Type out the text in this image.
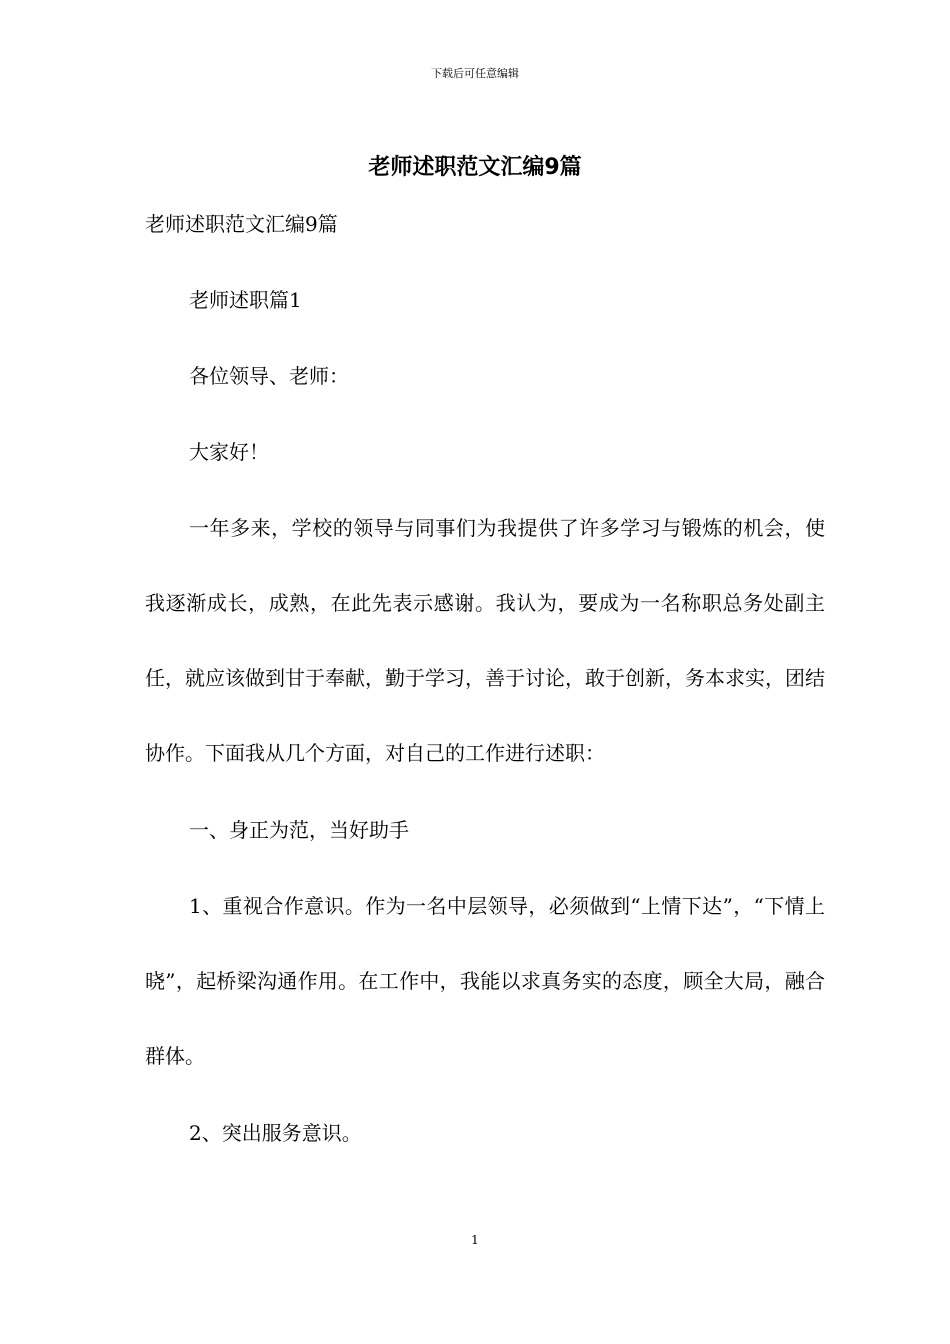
下载后可任意编辑
老师述职范文汇编9篇

老师述职范文汇编9篇

老师述职篇1

各位领导、老师：

大家好！

一年多来，学校的领导与同事们为我提供了许多学习与锻炼的机会，使我逐渐成长，成熟，在此先表示感谢。我认为，要成为一名称职总务处副主任，就应该做到甘于奉献，勤于学习，善于讨论，敢于创新，务本求实，团结协作。下面我从几个方面，对自己的工作进行述职：

一、身正为范，当好助手

1、重视合作意识。作为一名中层领导，必须做到“上情下达”，“下情上晓”，起桥梁沟通作用。在工作中，我能以求真务实的态度，顾全大局，融合群体。

2、突出服务意识。

1
